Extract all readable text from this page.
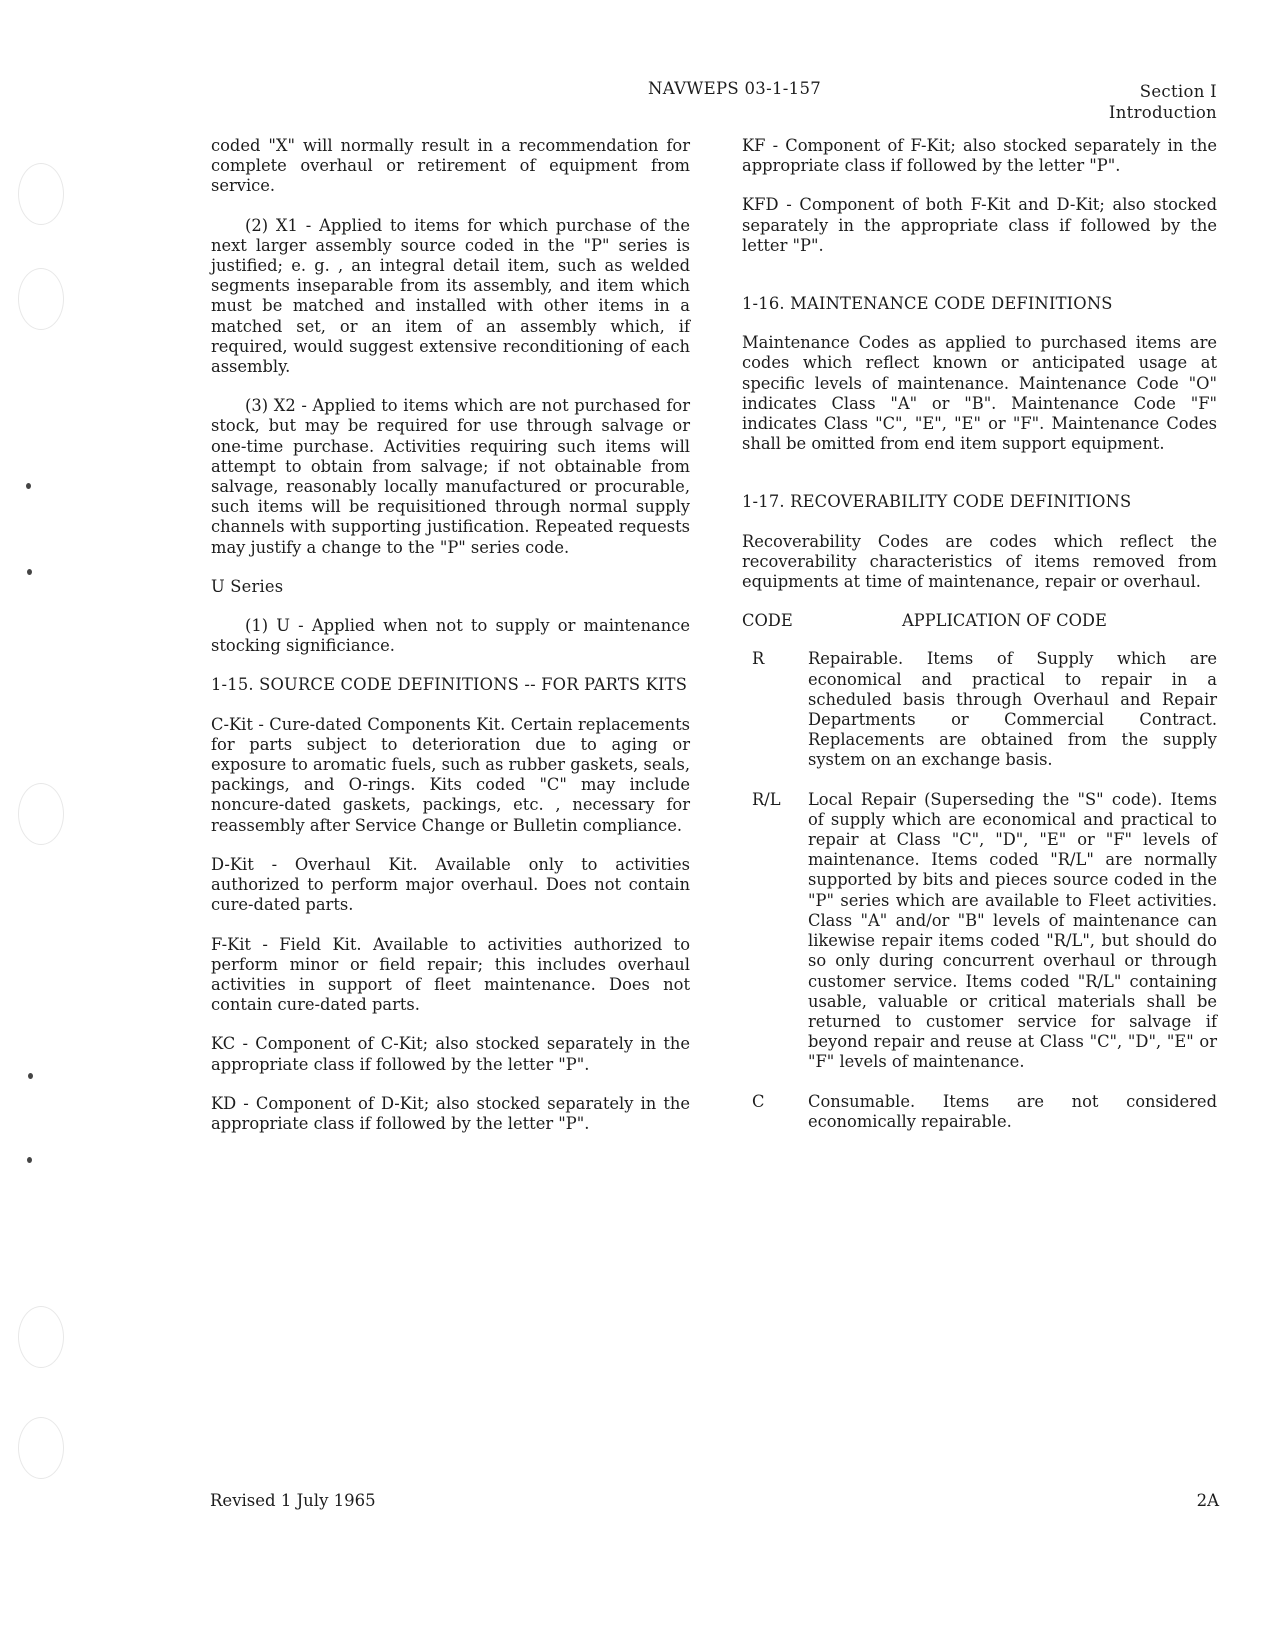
NAVWEPS 03-1-157	Section I
Introduction

coded "X" will normally result in a recommendation for complete overhaul or retirement of equipment from service.

(2) X1 - Applied to items for which purchase of the next larger assembly source coded in the "P" series is justified; e. g. , an integral detail item, such as welded segments inseparable from its assembly, and item which must be matched and installed with other items in a matched set, or an item of an assembly which, if required, would suggest extensive reconditioning of each assembly.

(3) X2 - Applied to items which are not purchased for stock, but may be required for use through salvage or one-time purchase. Activities requiring such items will attempt to obtain from salvage; if not obtainable from salvage, reasonably locally manufactured or procurable, such items will be requisitioned through normal supply channels with supporting justification. Repeated requests may justify a change to the "P" series code.

U Series

(1) U - Applied when not to supply or maintenance stocking significiance.

1-15. SOURCE CODE DEFINITIONS -- FOR PARTS KITS

C-Kit - Cure-dated Components Kit. Certain replacements for parts subject to deterioration due to aging or exposure to aromatic fuels, such as rubber gaskets, seals, packings, and O-rings. Kits coded "C" may include noncure-dated gaskets, packings, etc. , necessary for reassembly after Service Change or Bulletin compliance.

D-Kit - Overhaul Kit. Available only to activities authorized to perform major overhaul. Does not contain cure-dated parts.

F-Kit - Field Kit. Available to activities authorized to perform minor or field repair; this includes overhaul activities in support of fleet maintenance. Does not contain cure-dated parts.

KC - Component of C-Kit; also stocked separately in the appropriate class if followed by the letter "P".

KD - Component of D-Kit; also stocked separately in the appropriate class if followed by the letter "P".

KF - Component of F-Kit; also stocked separately in the appropriate class if followed by the letter "P".

KFD - Component of both F-Kit and D-Kit; also stocked separately in the appropriate class if followed by the letter "P".

1-16. MAINTENANCE CODE DEFINITIONS

Maintenance Codes as applied to purchased items are codes which reflect known or anticipated usage at specific levels of maintenance. Maintenance Code "O" indicates Class "A" or "B". Maintenance Code "F" indicates Class "C", "E", "E" or "F". Maintenance Codes shall be omitted from end item support equipment.

1-17. RECOVERABILITY CODE DEFINITIONS

Recoverability Codes are codes which reflect the recoverability characteristics of items removed from equipments at time of maintenance, repair or overhaul.

CODE	APPLICATION OF CODE
R	Repairable. Items of Supply which are economical and practical to repair in a scheduled basis through Overhaul and Repair Departments or Commercial Contract. Replacements are obtained from the supply system on an exchange basis.
R/L	Local Repair (Superseding the "S" code). Items of supply which are economical and practical to repair at Class "C", "D", "E" or "F" levels of maintenance. Items coded "R/L" are normally supported by bits and pieces source coded in the "P" series which are available to Fleet activities. Class "A" and/or "B" levels of maintenance can likewise repair items coded "R/L", but should do so only during concurrent overhaul or through customer service. Items coded "R/L" containing usable, valuable or critical materials shall be returned to customer service for salvage if beyond repair and reuse at Class "C", "D", "E" or "F" levels of maintenance.
C	Consumable. Items are not considered economically repairable.
Revised 1 July 1965	2A
